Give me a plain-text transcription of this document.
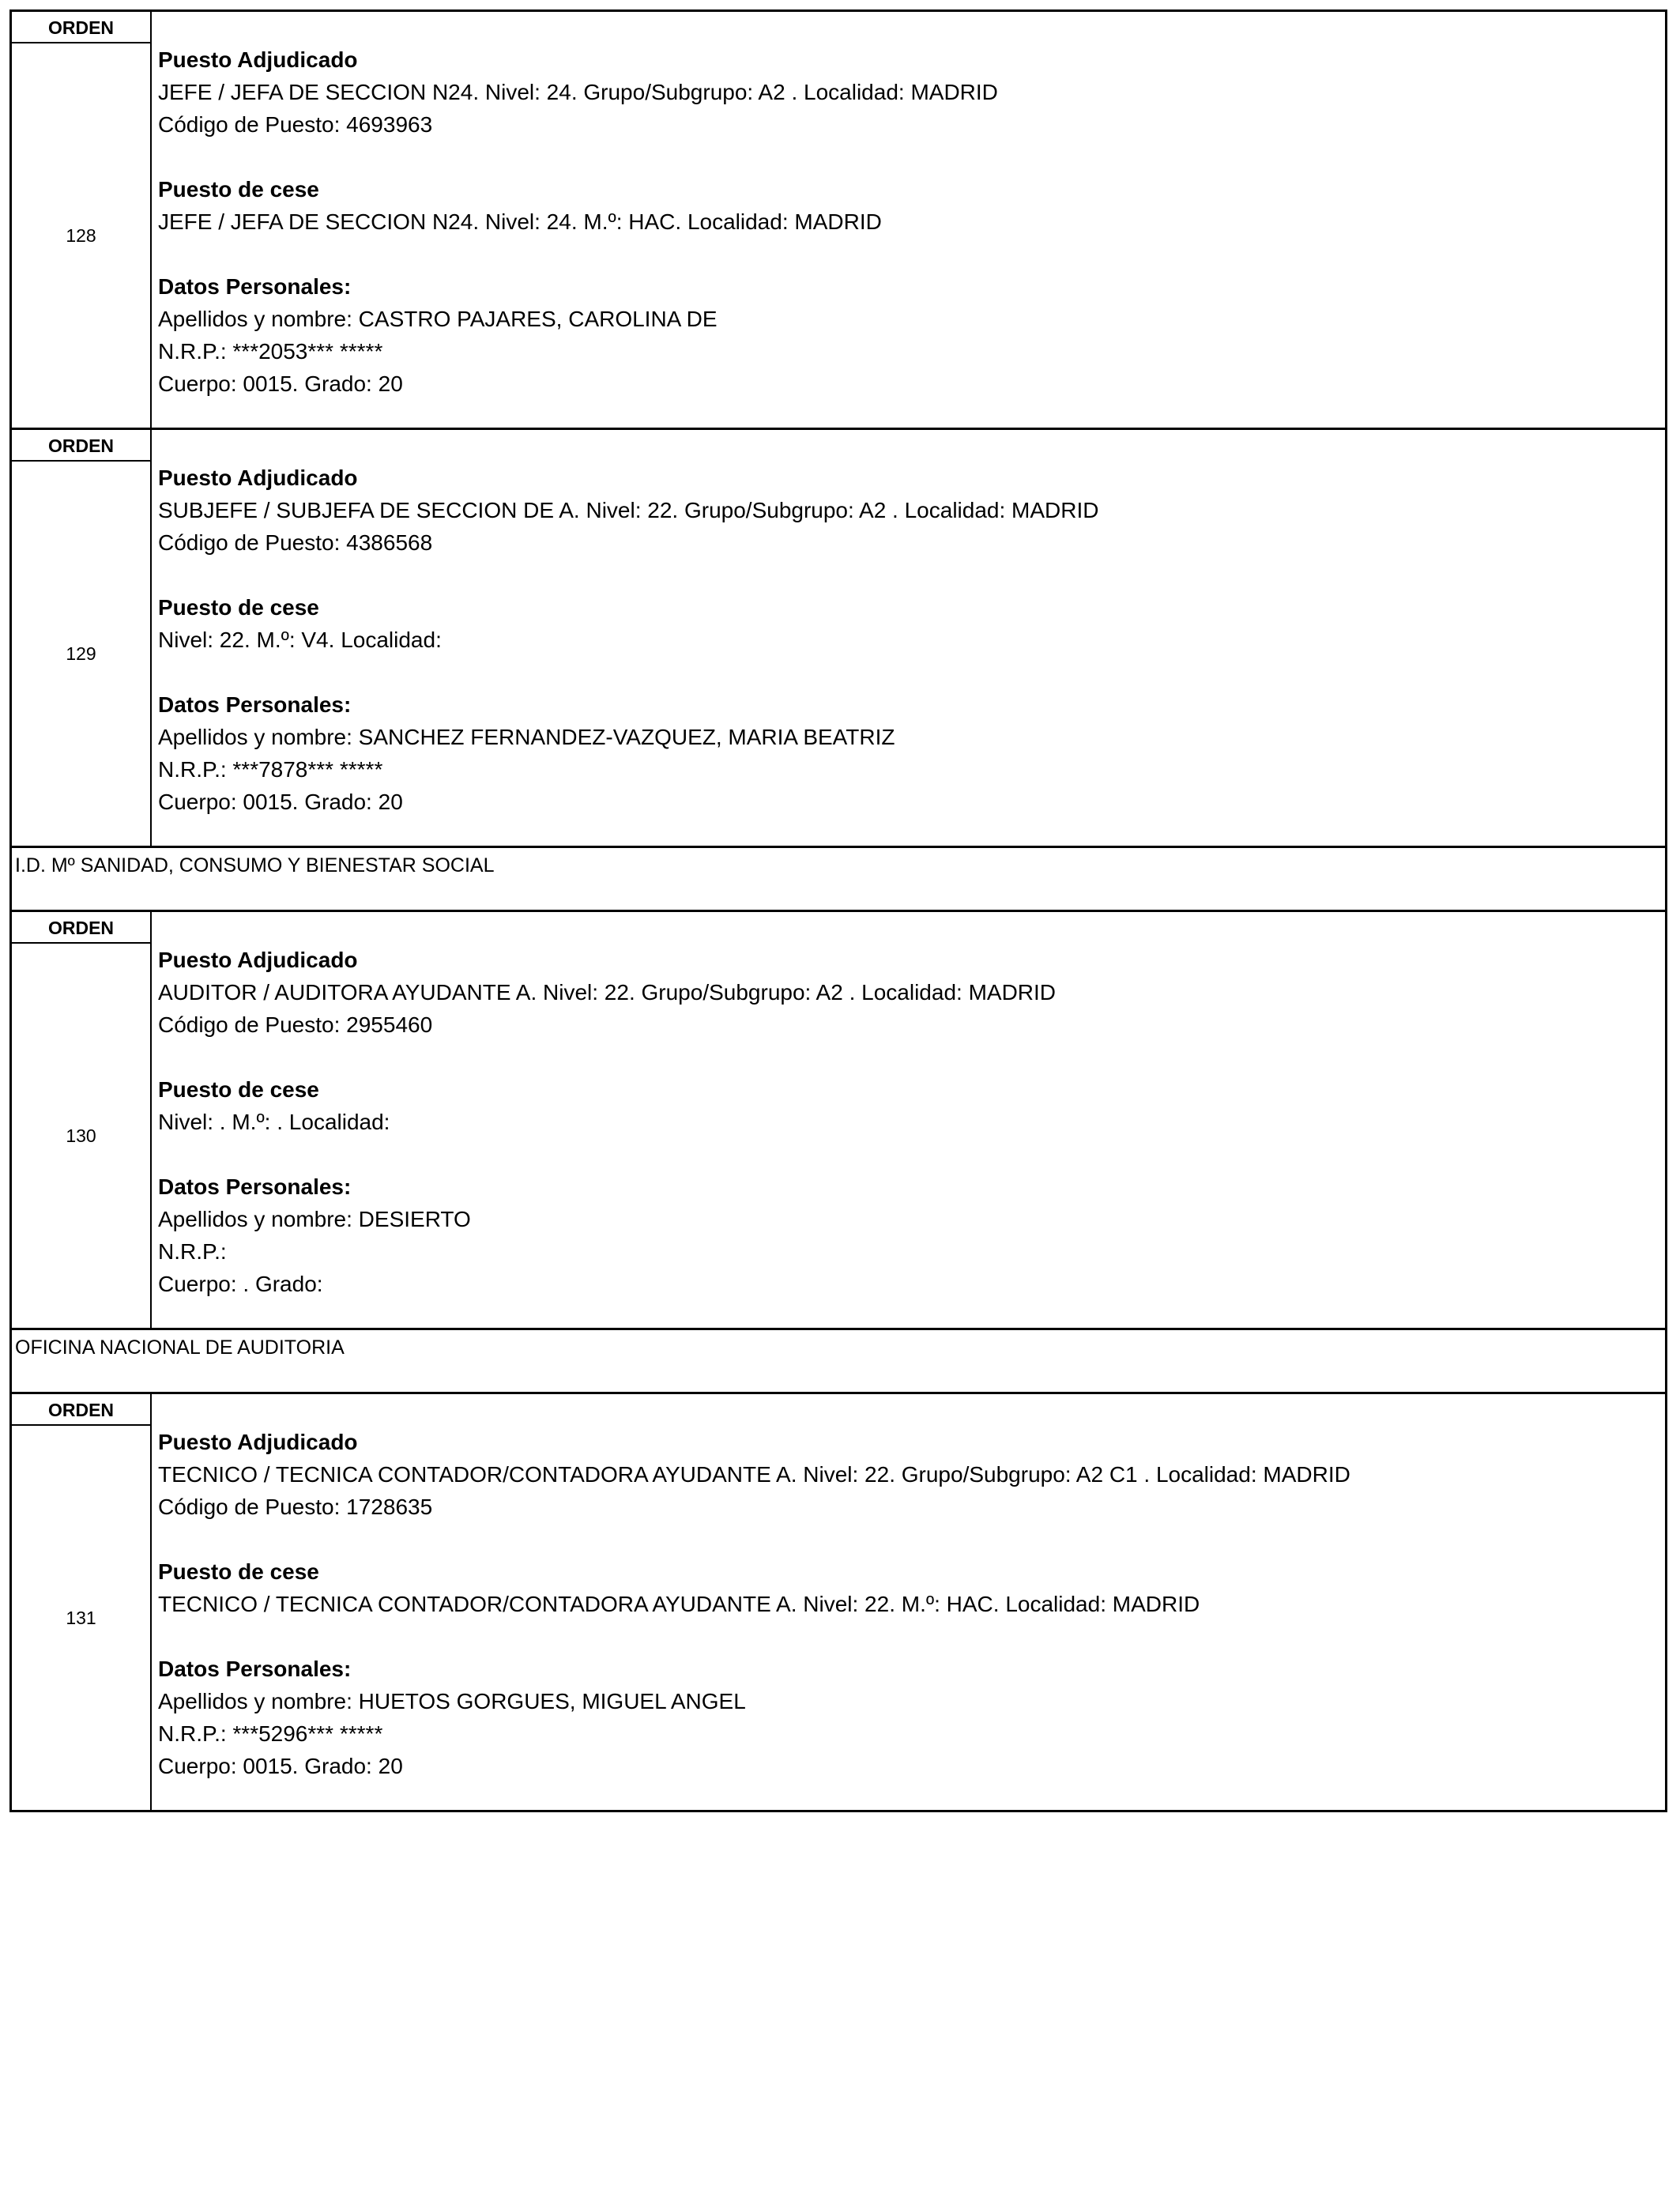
ORDEN
128
Puesto Adjudicado
JEFE / JEFA DE SECCION N24. Nivel: 24. Grupo/Subgrupo: A2 . Localidad: MADRID
Código de Puesto: 4693963
Puesto de cese
JEFE / JEFA DE SECCION N24. Nivel: 24. M.º: HAC. Localidad: MADRID
Datos Personales:
Apellidos y nombre: CASTRO PAJARES, CAROLINA DE
N.R.P.: ***2053*** *****
Cuerpo: 0015. Grado: 20
ORDEN
129
Puesto Adjudicado
SUBJEFE / SUBJEFA DE SECCION DE A. Nivel: 22. Grupo/Subgrupo: A2 . Localidad: MADRID
Código de Puesto: 4386568
Puesto de cese
Nivel: 22. M.º: V4. Localidad:
Datos Personales:
Apellidos y nombre: SANCHEZ FERNANDEZ-VAZQUEZ, MARIA BEATRIZ
N.R.P.: ***7878*** *****
Cuerpo: 0015. Grado: 20
I.D. Mº SANIDAD, CONSUMO Y BIENESTAR SOCIAL
ORDEN
130
Puesto Adjudicado
AUDITOR / AUDITORA AYUDANTE A. Nivel: 22. Grupo/Subgrupo: A2 . Localidad: MADRID
Código de Puesto: 2955460
Puesto de cese
Nivel: . M.º: . Localidad:
Datos Personales:
Apellidos y nombre: DESIERTO
N.R.P.:
Cuerpo: . Grado:
OFICINA NACIONAL DE AUDITORIA
ORDEN
131
Puesto Adjudicado
TECNICO / TECNICA CONTADOR/CONTADORA AYUDANTE A. Nivel: 22. Grupo/Subgrupo: A2 C1 . Localidad: MADRID
Código de Puesto: 1728635
Puesto de cese
TECNICO / TECNICA CONTADOR/CONTADORA AYUDANTE A. Nivel: 22. M.º: HAC. Localidad: MADRID
Datos Personales:
Apellidos y nombre: HUETOS GORGUES, MIGUEL ANGEL
N.R.P.: ***5296*** *****
Cuerpo: 0015. Grado: 20
